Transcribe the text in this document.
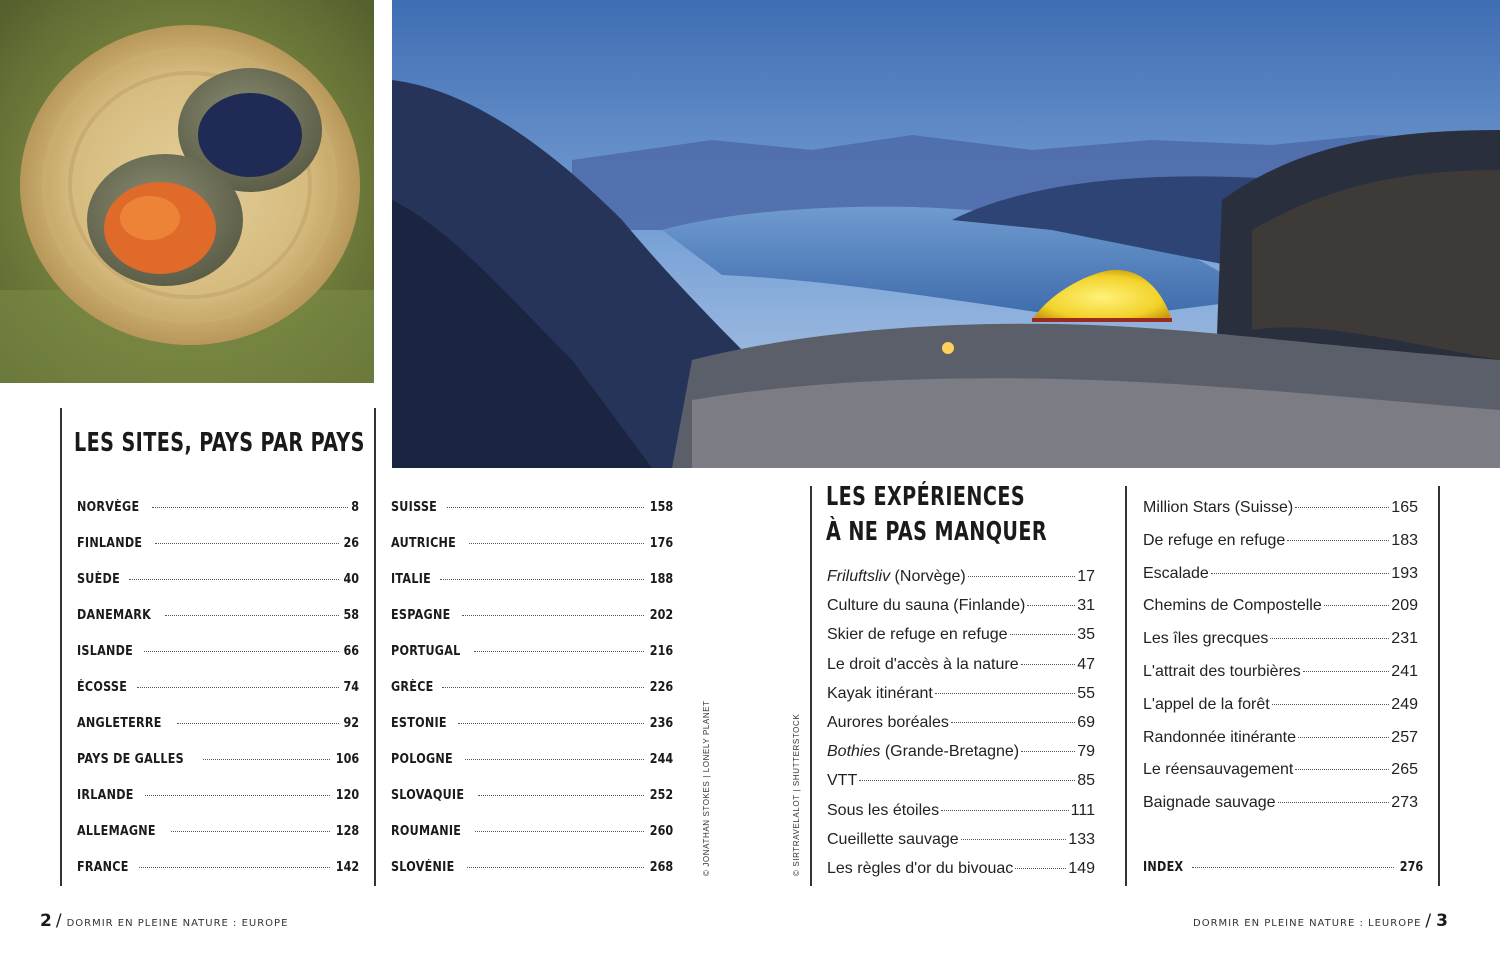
LES SITES, PAYS PAR PAYS
LES EXPÉRIENCES
À NE PAS MANQUER
NORVÈGE	8
FINLANDE	26
SUÈDE	40
DANEMARK	58
ISLANDE	66
ÉCOSSE	74
ANGLETERRE	92
PAYS DE GALLES	106
IRLANDE	120
ALLEMAGNE	128
FRANCE	142
SUISSE	158
AUTRICHE	176
ITALIE	188
ESPAGNE	202
PORTUGAL	216
GRÈCE	226
ESTONIE	236
POLOGNE	244
SLOVAQUIE	252
ROUMANIE	260
SLOVÉNIE	268
Friluftsliv (Norvège)	17
Culture du sauna (Finlande)	31
Skier de refuge en refuge	35
Le droit d'accès à la nature	47
Kayak itinérant	55
Aurores boréales	69
Bothies (Grande-Bretagne)	79
VTT	85
Sous les étoiles	111
Cueillette sauvage	133
Les règles d'or du bivouac	149
Million Stars (Suisse)	165
De refuge en refuge	183
Escalade	193
Chemins de Compostelle	209
Les îles grecques	231
L'attrait des tourbières	241
L'appel de la forêt	249
Randonnée itinérante	257
Le réensauvagement	265
Baignade sauvage	273
INDEX	276
© JONATHAN STOKES | LONELY PLANET	© SIRTRAVELALOT | SHUTTERSTOCK
2 / DORMIR EN PLEINE NATURE : EUROPE	DORMIR EN PLEINE NATURE : LEUROPE / 3
